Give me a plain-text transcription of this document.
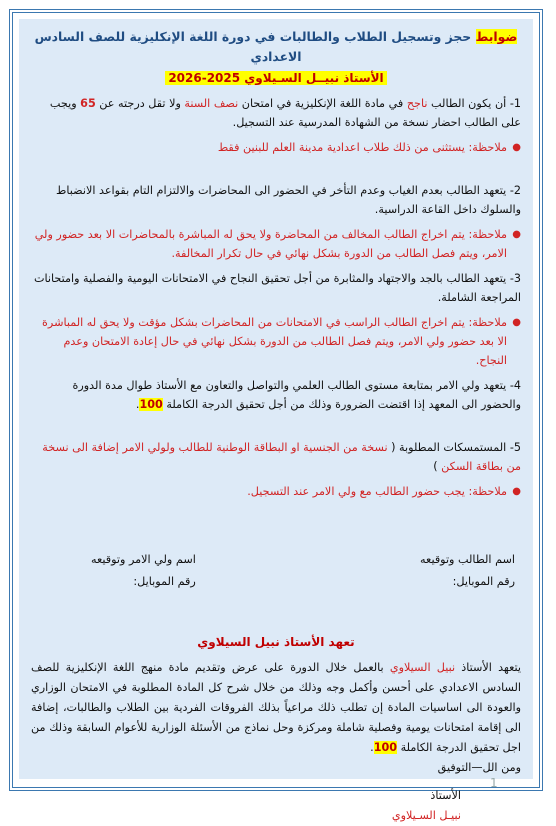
ضوابط حجز وتسجيل الطلاب والطالبات في دورة اللغة الإنكليزية للصف السادس الاعدادي
الأستاذ نبيــل السـيلاوي 2025-2026
1- أن يكون الطالب ناجح في مادة اللغة الإنكليزية في امتحان نصف السنة ولا تقل درجته عن 65 ويجب على الطالب احضار نسخة من الشهادة المدرسية عند التسجيل.
●
ملاحظة: يستثنى من ذلك طلاب اعدادية مدينة العلم للبنين فقط
2- يتعهد الطالب بعدم الغياب وعدم التأخر في الحضور الى المحاضرات والالتزام التام بقواعد الانضباط والسلوك داخل القاعة الدراسية.
●
ملاحظة: يتم اخراج الطالب المخالف من المحاضرة ولا يحق له المباشرة بالمحاضرات الا بعد حضور ولي الامر، ويتم فصل الطالب من الدورة بشكل نهائي في حال تكرار المخالفة.
3- يتعهد الطالب بالجد والاجتهاد والمثابرة من أجل تحقيق النجاح في الامتحانات اليومية والفصلية وامتحانات المراجعة الشاملة.
●
ملاحظة: يتم اخراج الطالب الراسب في الامتحانات من المحاضرات بشكل مؤقت ولا يحق له المباشرة الا بعد حضور ولي الامر، ويتم فصل الطالب من الدورة بشكل نهائي في حال إعادة الامتحان وعدم النجاح.
4- يتعهد ولي الامر بمتابعة مستوى الطالب العلمي والتواصل والتعاون مع الأستاذ طوال مدة الدورة والحضور الى المعهد إذا اقتضت الضرورة وذلك من أجل تحقيق الدرجة الكاملة 100.
5- المستمسكات المطلوبة ( نسخة من الجنسية او البطاقة الوطنية للطالب ولولي الامر إضافة الى نسخة من بطاقة السكن )
●
ملاحظة: يجب حضور الطالب مع ولي الامر عند التسجيل.
اسم الطالب وتوقيعه
رقم الموبايل:
اسم ولي الامر وتوقيعه
رقم الموبايل:
تعهد الأستاذ نبيل السيلاوي
يتعهد الأستاذ نبيل السيلاوي بالعمل خلال الدورة على عرض وتقديم مادة منهج اللغة الإنكليزية للصف السادس الاعدادي على أحسن وأكمل وجه وذلك من خلال شرح كل المادة المطلوبة في الامتحان الوزاري والعودة الى اساسيات المادة إن تطلب ذلك مراعياً بذلك الفروقات الفردية بين الطلاب والطالبات، إضافة الى إقامة امتحانات يومية وفصلية شاملة ومركزة وحل نماذج من الأسئلة الوزارية للأعوام السابقة وذلك من اجل تحقيق الدرجة الكاملة 100.
ومن الل—التوفيق
الأستاذ
نبيـل السـيلاوي
1
